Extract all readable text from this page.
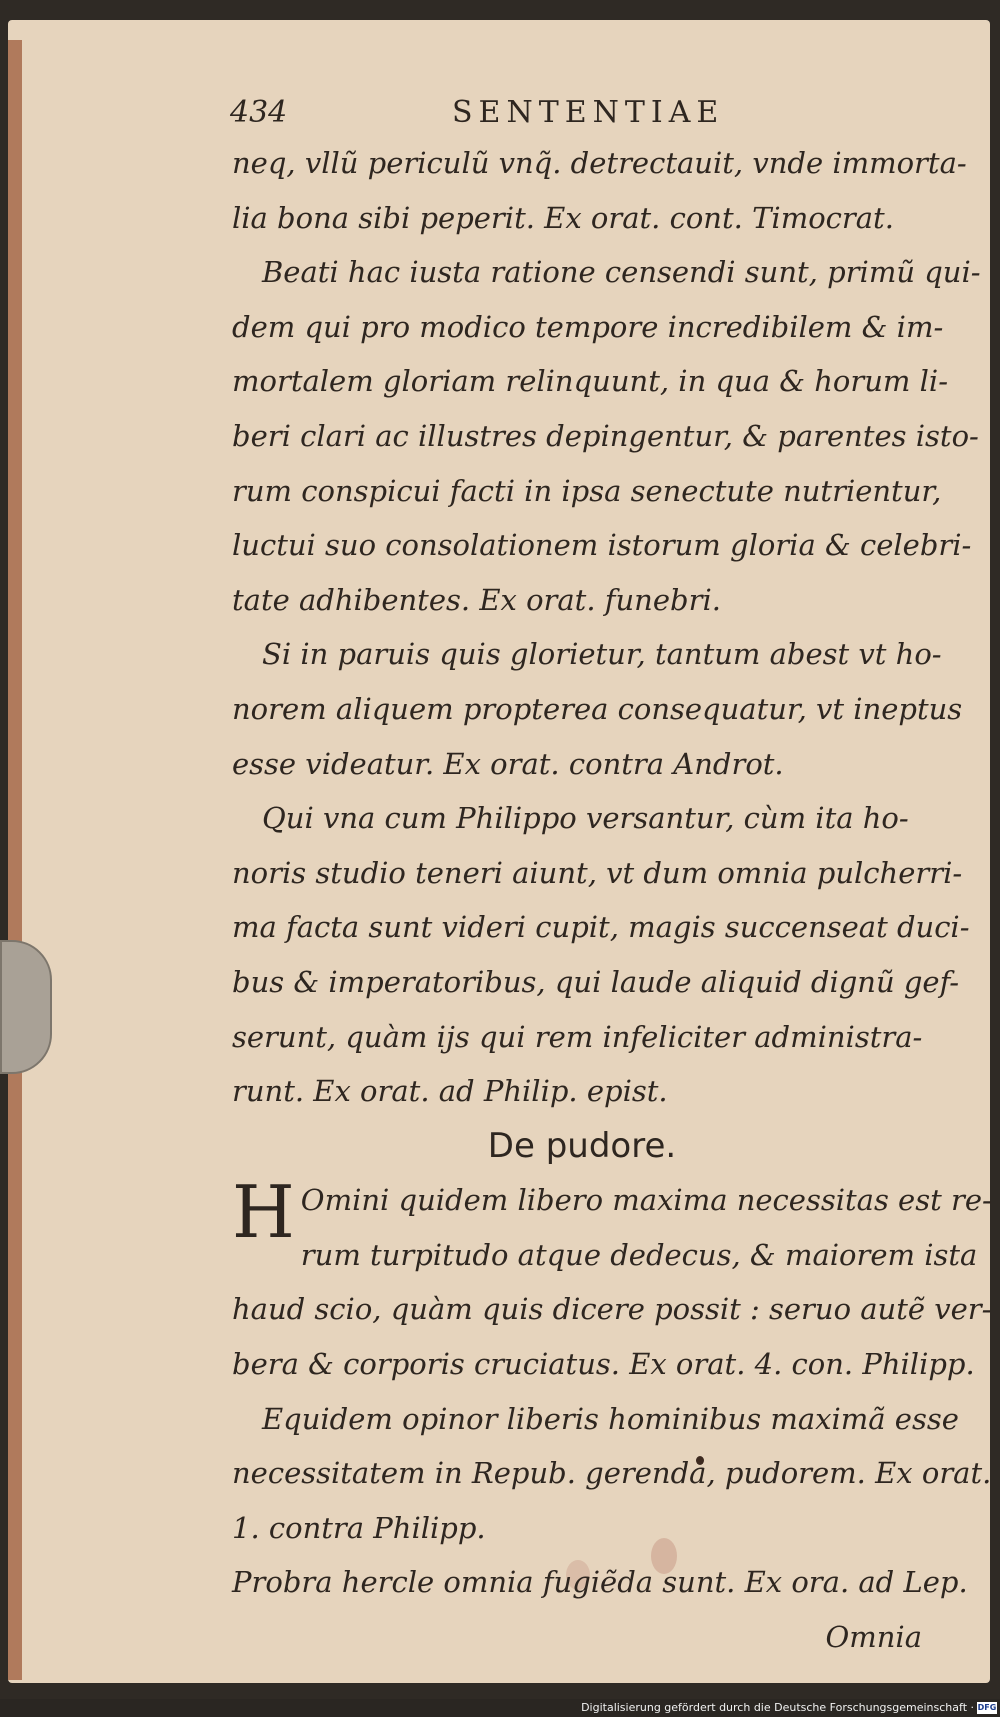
434	SENTENTIAE
neq, vllũ periculũ vnq̃. detrectauit, vnde immorta-
lia bona sibi peperit. Ex orat. cont. Timocrat.
Beati hac iusta ratione censendi sunt, primũ qui-
dem qui pro modico tempore incredibilem & im-
mortalem gloriam relinquunt, in qua & horum li-
beri clari ac illustres depingentur, & parentes isto-
rum conspicui facti in ipsa senectute nutrientur,
luctui suo consolationem istorum gloria & celebri-
tate adhibentes. Ex orat. funebri.
Si in paruis quis glorietur, tantum abest vt ho-
norem aliquem propterea consequatur, vt ineptus
esse videatur. Ex orat. contra Androt.
Qui vna cum Philippo versantur, cùm ita ho-
noris studio teneri aiunt, vt dum omnia pulcherri-
ma facta sunt videri cupit, magis succenseat duci-
bus & imperatoribus, qui laude aliquid dignũ gef-
serunt, quàm ijs qui rem infeliciter administra-
runt. Ex orat. ad Philip. epist.
De pudore.
H Omini quidem libero maxima necessitas est re-
rum turpitudo atque dedecus, & maiorem ista
haud scio, quàm quis dicere possit : seruo autẽ ver-
bera & corporis cruciatus. Ex orat. 4. con. Philipp.
Equidem opinor liberis hominibus maximã esse
necessitatem in Repub. gerenda, pudorem. Ex orat.
1. contra Philipp.
Probra hercle omnia fugiẽda sunt. Ex ora. ad Lep.
Omnia
Digitalisierung gefördert durch die Deutsche Forschungsgemeinschaft · DFG
